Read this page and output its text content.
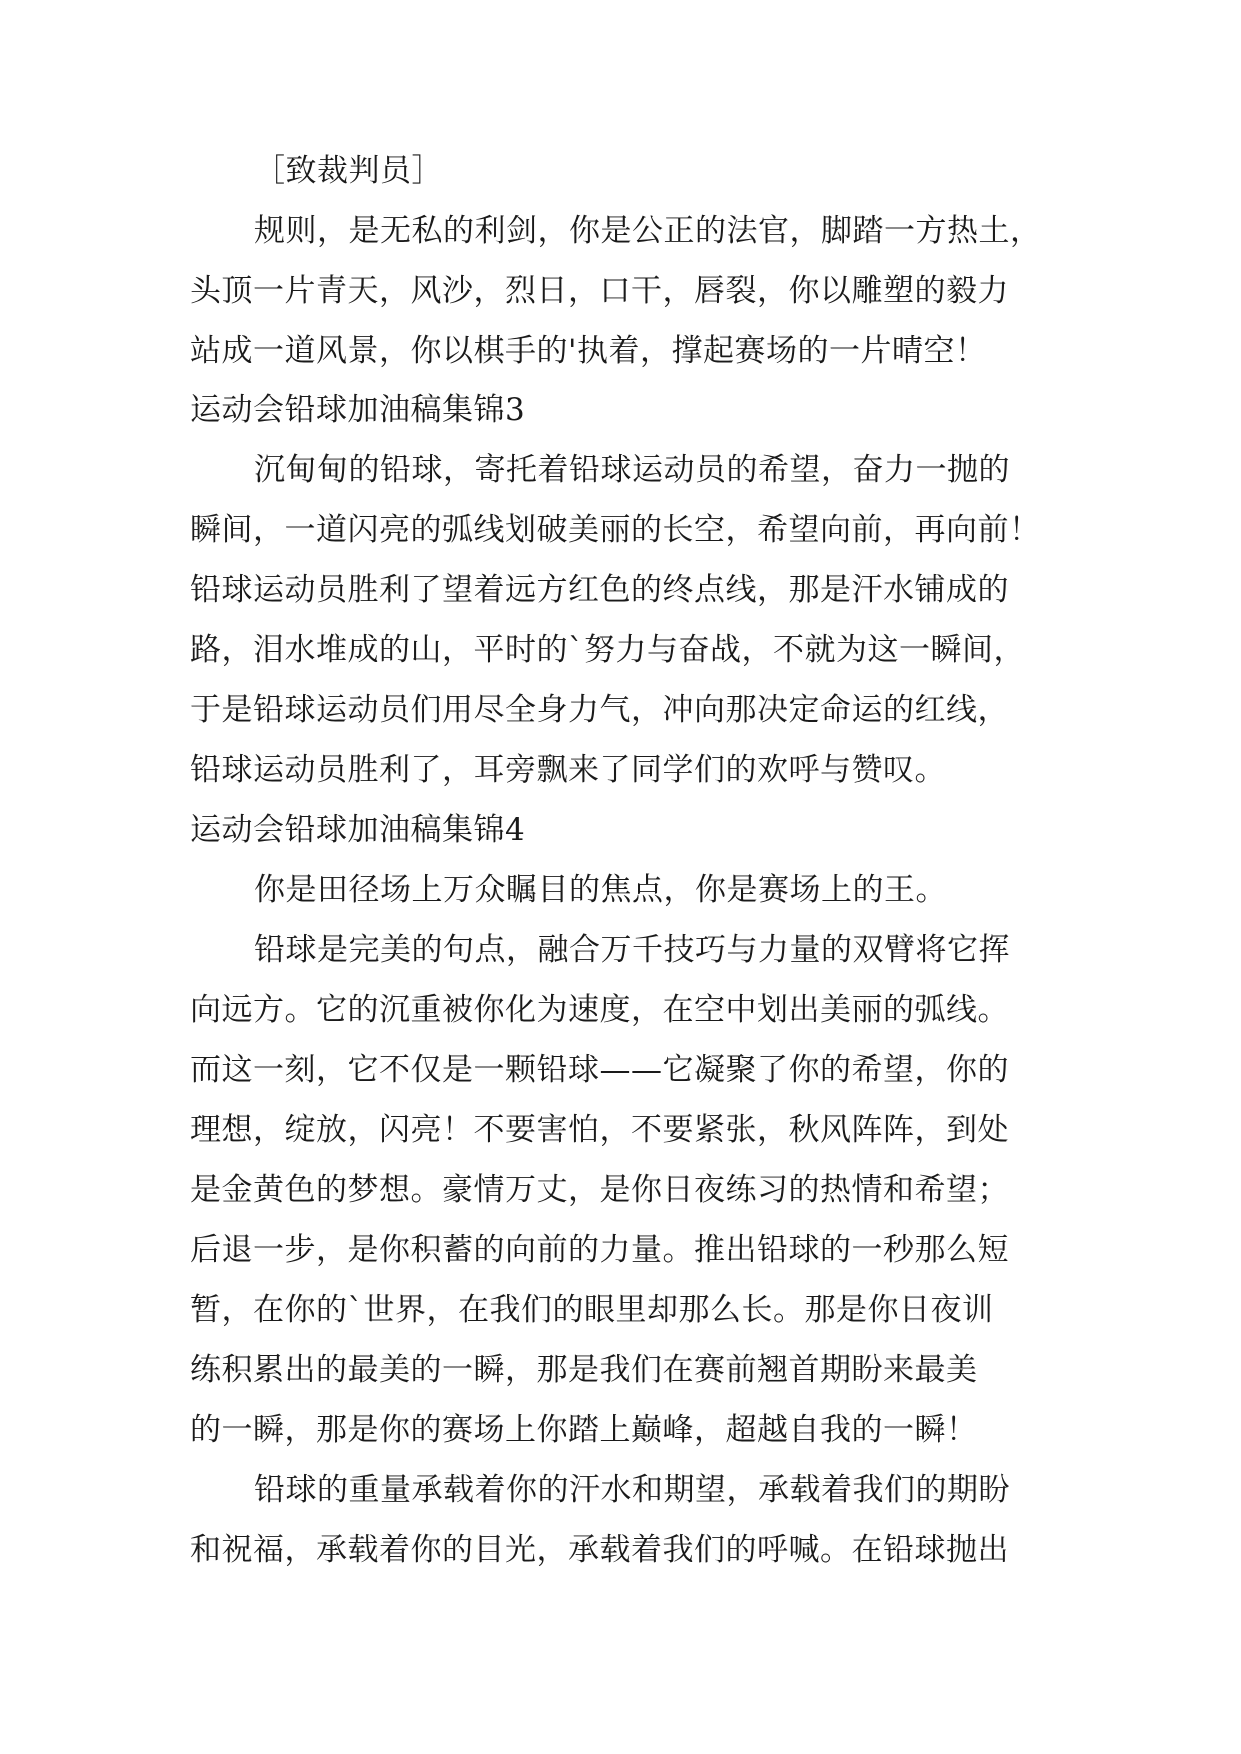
［致裁判员］
规则，是无私的利剑，你是公正的法官，脚踏一方热土，
头顶一片青天，风沙，烈日，口干，唇裂，你以雕塑的毅力
站成一道风景，你以棋手的'执着，撑起赛场的一片晴空！
运动会铅球加油稿集锦3
沉甸甸的铅球，寄托着铅球运动员的希望，奋力一抛的
瞬间，一道闪亮的弧线划破美丽的长空，希望向前，再向前！
铅球运动员胜利了望着远方红色的终点线，那是汗水铺成的
路，泪水堆成的山，平时的`努力与奋战，不就为这一瞬间，
于是铅球运动员们用尽全身力气，冲向那决定命运的红线，
铅球运动员胜利了，耳旁飘来了同学们的欢呼与赞叹。
运动会铅球加油稿集锦4
你是田径场上万众瞩目的焦点，你是赛场上的王。
铅球是完美的句点，融合万千技巧与力量的双臂将它挥
向远方。它的沉重被你化为速度，在空中划出美丽的弧线。
而这一刻，它不仅是一颗铅球——它凝聚了你的希望，你的
理想，绽放，闪亮！不要害怕，不要紧张，秋风阵阵，到处
是金黄色的梦想。豪情万丈，是你日夜练习的热情和希望；
后退一步，是你积蓄的向前的力量。推出铅球的一秒那么短
暂，在你的`世界，在我们的眼里却那么长。那是你日夜训
练积累出的最美的一瞬，那是我们在赛前翘首期盼来最美
的一瞬，那是你的赛场上你踏上巅峰，超越自我的一瞬！
铅球的重量承载着你的汗水和期望，承载着我们的期盼
和祝福，承载着你的目光，承载着我们的呼喊。在铅球抛出
